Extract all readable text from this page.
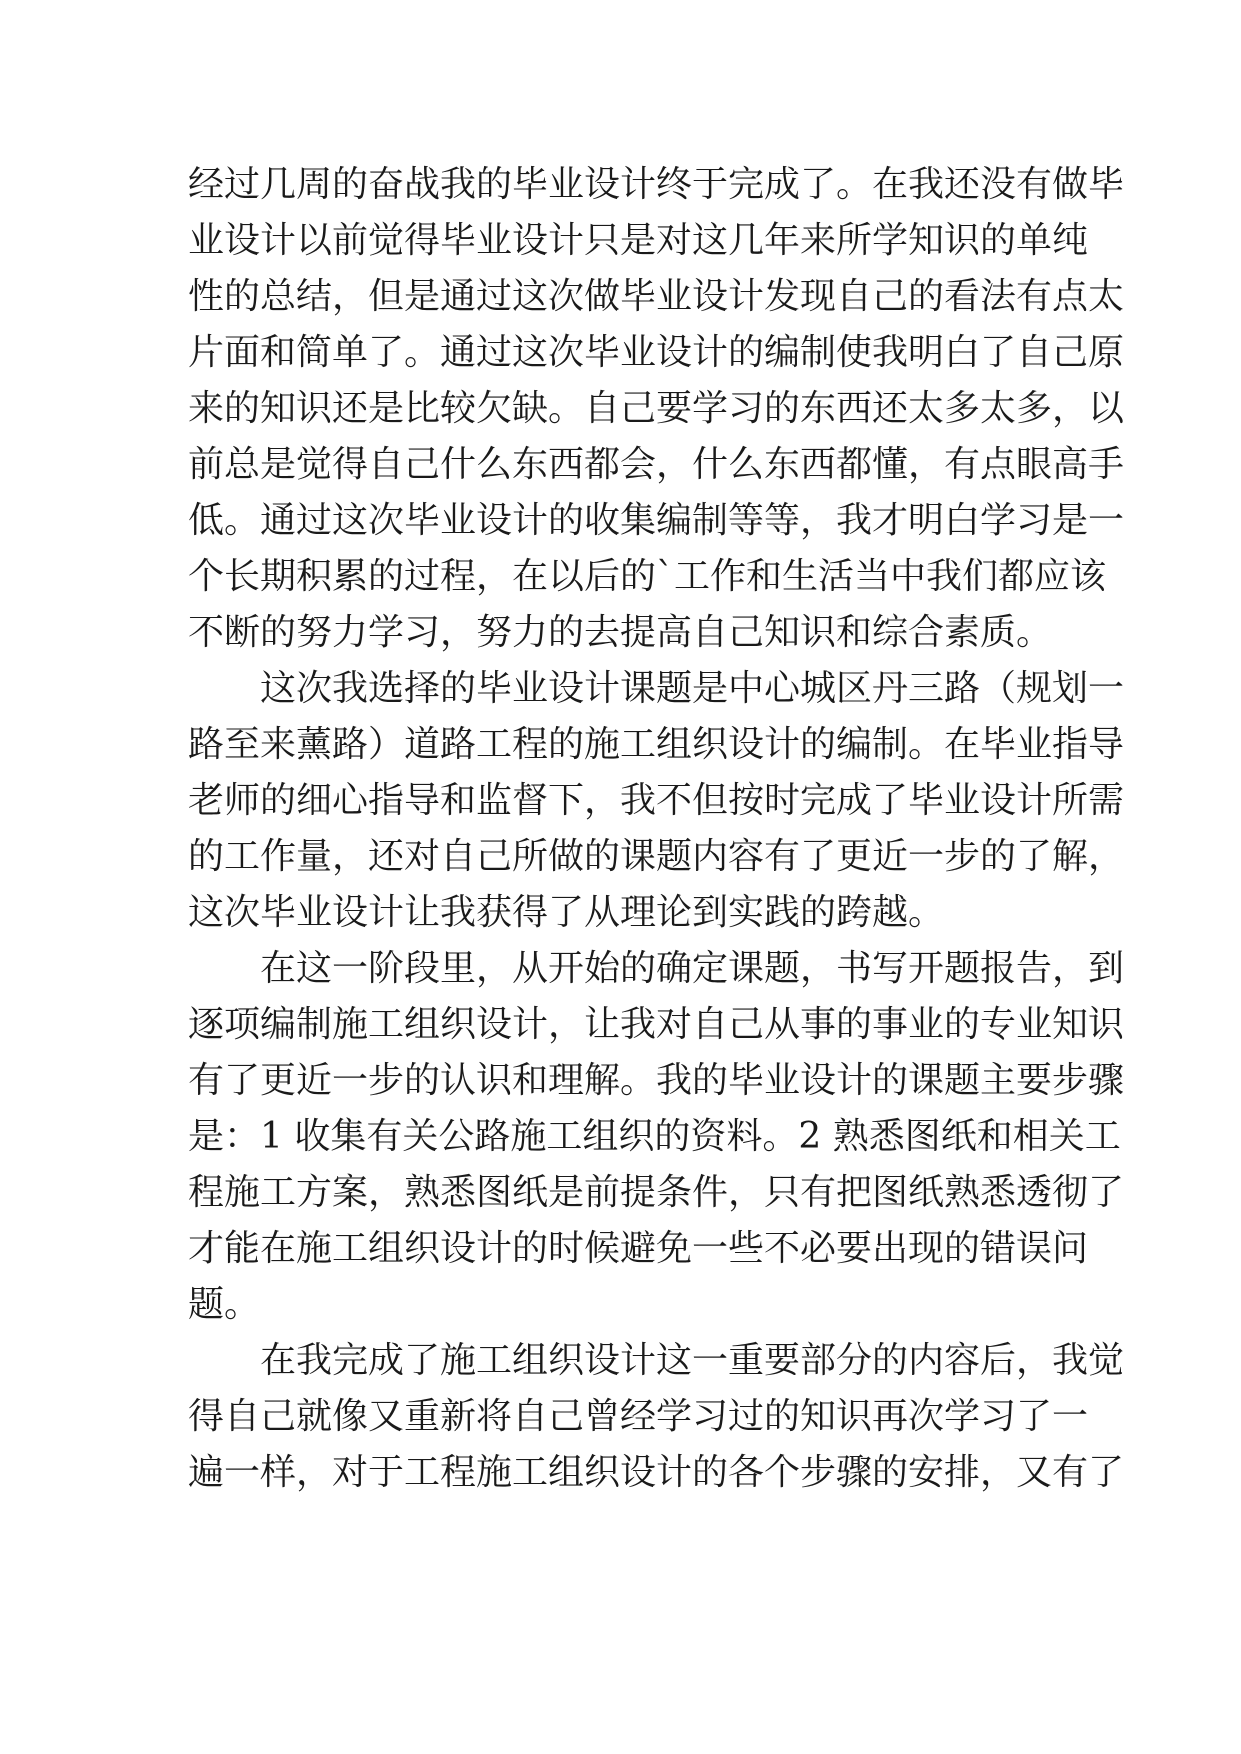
经过几周的奋战我的毕业设计终于完成了。在我还没有做毕
业设计以前觉得毕业设计只是对这几年来所学知识的单纯
性的总结，但是通过这次做毕业设计发现自己的看法有点太
片面和简单了。通过这次毕业设计的编制使我明白了自己原
来的知识还是比较欠缺。自己要学习的东西还太多太多，以
前总是觉得自己什么东西都会，什么东西都懂，有点眼高手
低。通过这次毕业设计的收集编制等等，我才明白学习是一
个长期积累的过程，在以后的`工作和生活当中我们都应该
不断的努力学习，努力的去提高自己知识和综合素质。
这次我选择的毕业设计课题是中心城区丹三路（规划一
路至来薰路）道路工程的施工组织设计的编制。在毕业指导
老师的细心指导和监督下，我不但按时完成了毕业设计所需
的工作量，还对自己所做的课题内容有了更近一步的了解，
这次毕业设计让我获得了从理论到实践的跨越。
在这一阶段里，从开始的确定课题，书写开题报告，到
逐项编制施工组织设计，让我对自己从事的事业的专业知识
有了更近一步的认识和理解。我的毕业设计的课题主要步骤
是：1 收集有关公路施工组织的资料。2 熟悉图纸和相关工
程施工方案，熟悉图纸是前提条件，只有把图纸熟悉透彻了
才能在施工组织设计的时候避免一些不必要出现的错误问
题。
在我完成了施工组织设计这一重要部分的内容后，我觉
得自己就像又重新将自己曾经学习过的知识再次学习了一
遍一样，对于工程施工组织设计的各个步骤的安排，又有了
